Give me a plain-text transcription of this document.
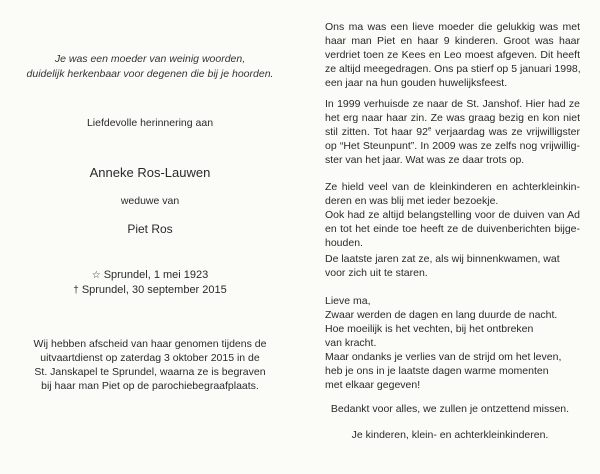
Je was een moeder van weinig woorden,
duidelijk herkenbaar voor degenen die bij je hoorden.
Liefdevolle herinnering aan
Anneke Ros-Lauwen
weduwe van
Piet Ros
☆ Sprundel, 1 mei 1923
† Sprundel, 30 september 2015
Wij hebben afscheid van haar genomen tijdens de
uitvaartdienst op zaterdag 3 oktober 2015 in de
St. Janskapel te Sprundel, waarna ze is begraven
bij haar man Piet op de parochiebegraafplaats.
Ons ma was een lieve moeder die gelukkig was met
haar man Piet en haar 9 kinderen. Groot was haar
verdriet toen ze Kees en Leo moest afgeven. Dit heeft
ze altijd meegedragen. Ons pa stierf op 5 januari 1998,
een jaar na hun gouden huwelijksfeest.
In 1999 verhuisde ze naar de St. Janshof. Hier had ze
het erg naar haar zin. Ze was graag bezig en kon niet
stil zitten. Tot haar 92e verjaardag was ze vrijwilligster
op “Het Steunpunt”. In 2009 was ze zelfs nog vrijwillig-
ster van het jaar. Wat was ze daar trots op.
Ze hield veel van de kleinkinderen en achterkleinkin-
deren en was blij met ieder bezoekje.
Ook had ze altijd belangstelling voor de duiven van Ad
en tot het einde toe heeft ze de duivenberichten bijge-
houden.
De laatste jaren zat ze, als wij binnenkwamen, wat
voor zich uit te staren.
Lieve ma,
Zwaar werden de dagen en lang duurde de nacht.
Hoe moeilijk is het vechten, bij het ontbreken
van kracht.
Maar ondanks je verlies van de strijd om het leven,
heb je ons in je laatste dagen warme momenten
met elkaar gegeven!
Bedankt voor alles, we zullen je ontzettend missen.
Je kinderen, klein- en achterkleinkinderen.
